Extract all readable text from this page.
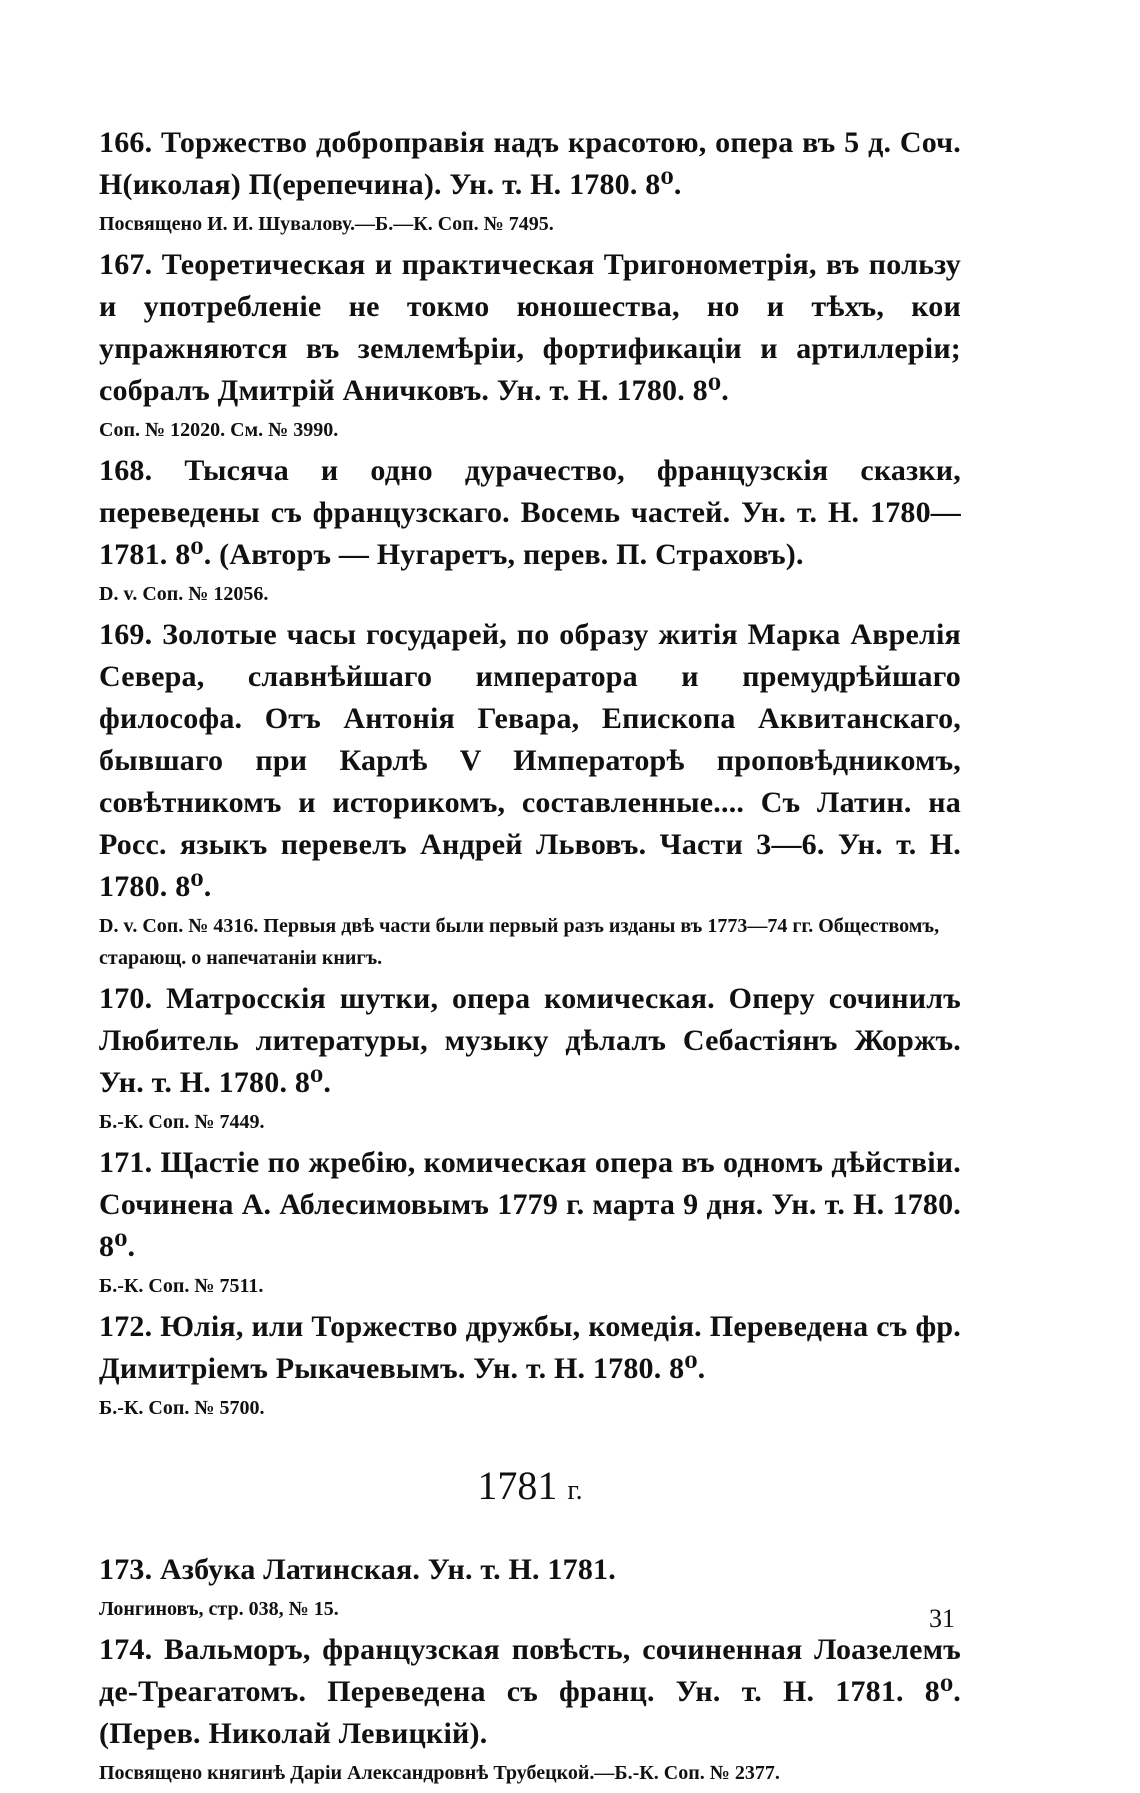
166. Торжество доброправія надъ красотою, опера въ 5 д. Соч. Н(иколая) П(ерепечина). Ун. т. Н. 1780. 8⁰.

Посвящено И. И. Шувалову.—Б.—К. Соп. № 7495.

167. Теоретическая и практическая Тригонометрія, въ пользу и употребленіе не токмо юношества, но и тѣхъ, кои упражняются въ землемѣріи, фортификаціи и артиллеріи; собралъ Дмитрій Аничковъ. Ун. т. Н. 1780. 8⁰.

Соп. № 12020. См. № 3990.

168. Тысяча и одно дурачество, французскія сказки, переведены съ французскаго. Восемь частей. Ун. т. Н. 1780—1781. 8⁰. (Авторъ — Нугаретъ, перев. П. Страховъ).

D. v. Соп. № 12056.

169. Золотые часы государей, по образу житія Марка Аврелія Севера, славнѣйшаго императора и премудрѣйшаго философа. Отъ Антонія Гевара, Епископа Аквитанскаго, бывшаго при Карлѣ V Императорѣ проповѣдникомъ, совѣтникомъ и историкомъ, составленные.... Съ Латин. на Росс. языкъ перевелъ Андрей Львовъ. Части 3—6. Ун. т. Н. 1780. 8⁰.

D. v. Соп. № 4316. Первыя двѣ части были первый разъ изданы въ 1773—74 гг. Обществомъ, старающ. о напечатаніи книгъ.

170. Матросскія шутки, опера комическая. Оперу сочинилъ Любитель литературы, музыку дѣлалъ Себастіянъ Жоржъ. Ун. т. Н. 1780. 8⁰.

Б.-К. Соп. № 7449.

171. Щастіе по жребію, комическая опера въ одномъ дѣйствіи. Сочинена А. Аблесимовымъ 1779 г. марта 9 дня. Ун. т. Н. 1780. 8⁰.

Б.-К. Соп. № 7511.

172. Юлія, или Торжество дружбы, комедія. Переведена съ фр. Димитріемъ Рыкачевымъ. Ун. т. Н. 1780. 8⁰.

Б.-К. Соп. № 5700.

1781 г.

173. Азбука Латинская. Ун. т. Н. 1781.

Лонгиновъ, стр. 038, № 15.

174. Вальморъ, французская повѣсть, сочиненная Лоазелемъ де-Треагатомъ. Переведена съ франц. Ун. т. Н. 1781. 8⁰. (Перев. Николай Левицкій).

Посвящено княгинѣ Даріи Александровнѣ Трубецкой.—Б.-К. Соп. № 2377.

31
